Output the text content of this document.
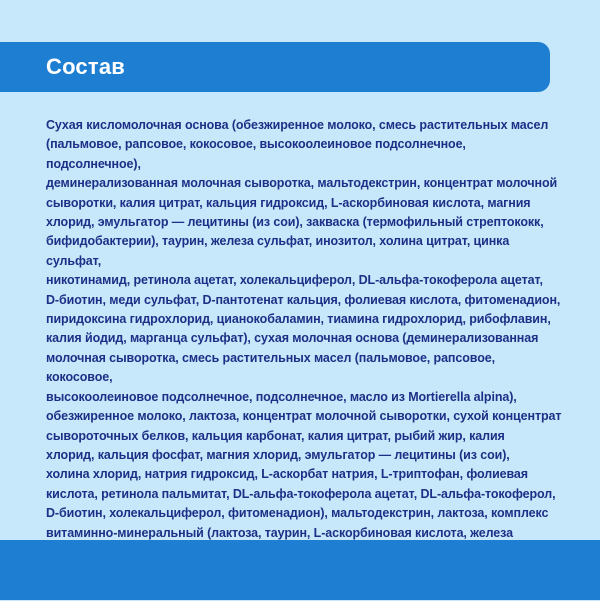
Состав

Сухая кисломолочная основа (обезжиренное молоко, смесь растительных масел
(пальмовое, рапсовое, кокосовое, высокоолеиновое подсолнечное, подсолнечное),
деминерализованная молочная сыворотка, мальтодекстрин, концентрат молочной
сыворотки, калия цитрат, кальция гидроксид, L-аскорбиновая кислота, магния
хлорид, эмульгатор — лецитины (из сои), закваска (термофильный стрептококк,
бифидобактерии), таурин, железа сульфат, инозитол, холина цитрат, цинка сульфат,
никотинамид, ретинола ацетат, холекальциферол, DL-альфа-токоферола ацетат,
D-биотин, меди сульфат, D-пантотенат кальция, фолиевая кислота, фитоменадион,
пиридоксина гидрохлорид, цианокобаламин, тиамина гидрохлорид, рибофлавин,
калия йодид, марганца сульфат), сухая молочная основа (деминерализованная
молочная сыворотка, смесь растительных масел (пальмовое, рапсовое, кокосовое,
высокоолеиновое подсолнечное, подсолнечное, масло из Mortierella alpina),
обезжиренное молоко, лактоза, концентрат молочной сыворотки, сухой концентрат
сывороточных белков, кальция карбонат, калия цитрат, рыбий жир, калия
хлорид, кальция фосфат, магния хлорид, эмульгатор — лецитины (из сои),
холина хлорид, натрия гидроксид, L-аскорбат натрия, L-триптофан, фолиевая
кислота, ретинола пальмитат, DL-альфа-токоферола ацетат, DL-альфа-токоферол,
D-биотин, холекальциферол, фитоменадион), мальтодекстрин, лактоза, комплекс
витаминно-минеральный (лактоза, таурин, L-аскорбиновая кислота, железа
